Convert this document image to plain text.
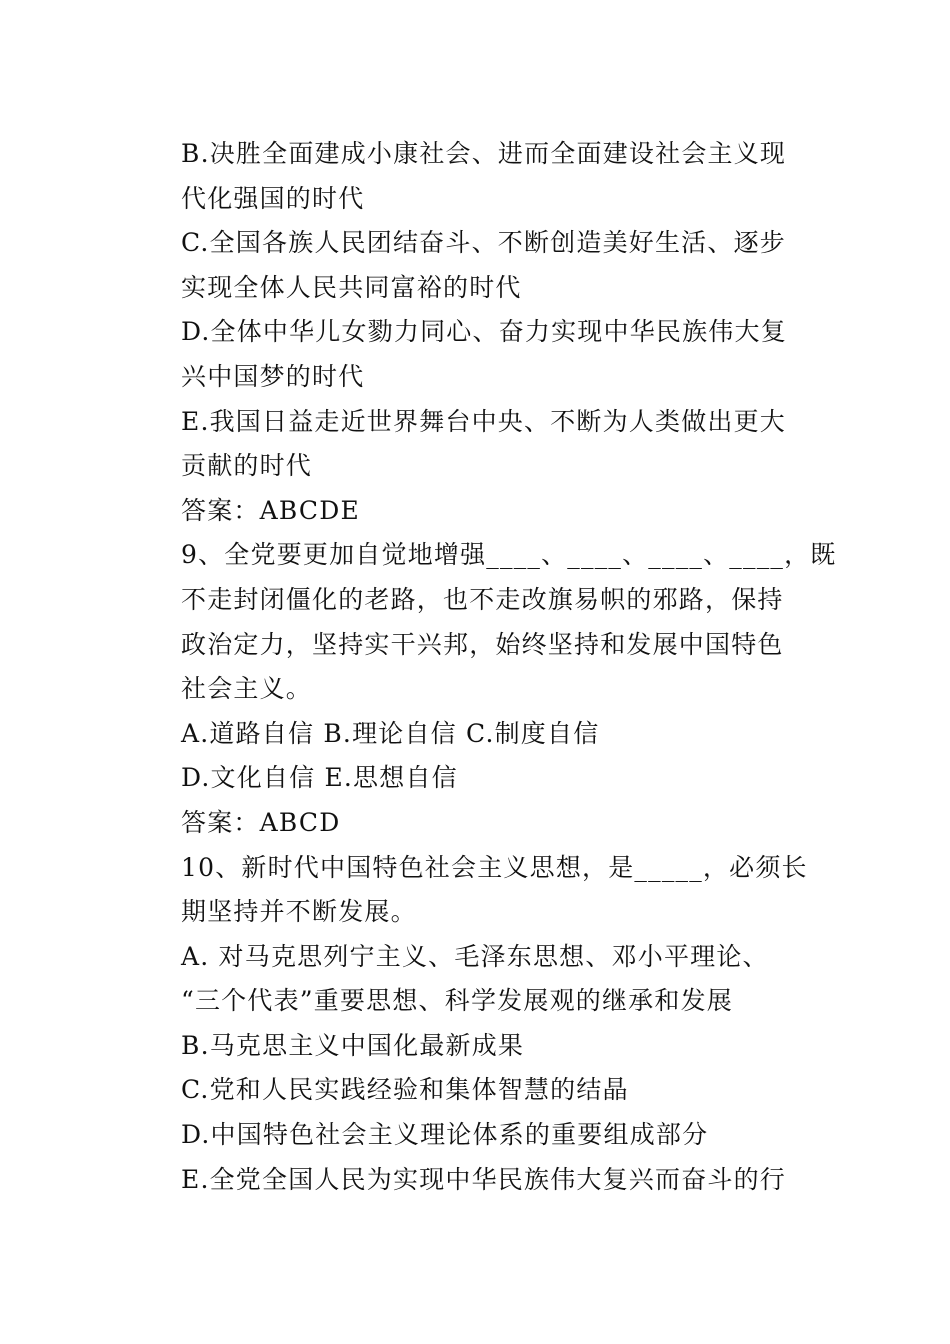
B.决胜全面建成小康社会、进而全面建设社会主义现
代化强国的时代
C.全国各族人民团结奋斗、不断创造美好生活、逐步
实现全体人民共同富裕的时代
D.全体中华儿女勠力同心、奋力实现中华民族伟大复
兴中国梦的时代
E.我国日益走近世界舞台中央、不断为人类做出更大
贡献的时代
答案：ABCDE
9、全党要更加自觉地增强____、____、____、____，既
不走封闭僵化的老路，也不走改旗易帜的邪路，保持
政治定力，坚持实干兴邦，始终坚持和发展中国特色
社会主义。
A.道路自信 B.理论自信 C.制度自信
D.文化自信 E.思想自信
答案：ABCD
10、新时代中国特色社会主义思想，是_____，必须长
期坚持并不断发展。
A. 对马克思列宁主义、毛泽东思想、邓小平理论、
“三个代表”重要思想、科学发展观的继承和发展
B.马克思主义中国化最新成果
C.党和人民实践经验和集体智慧的结晶
D.中国特色社会主义理论体系的重要组成部分
E.全党全国人民为实现中华民族伟大复兴而奋斗的行
